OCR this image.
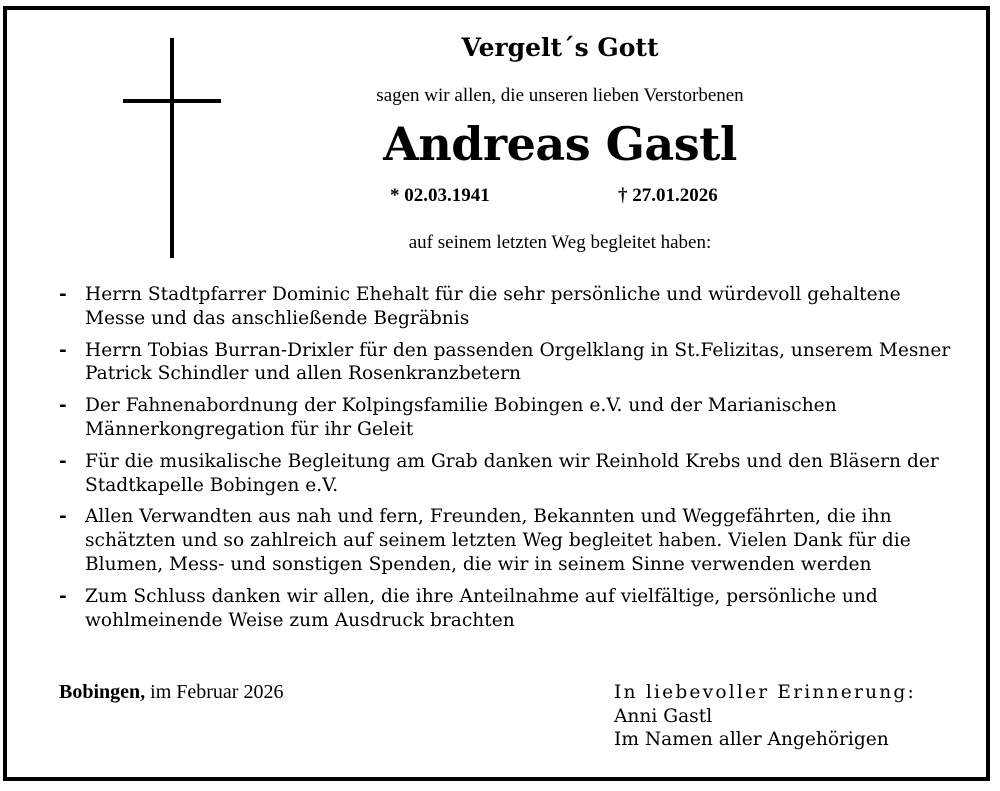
Vergelt´s Gott
sagen wir allen, die unseren lieben Verstorbenen
Andreas Gastl
* 02.03.1941	† 27.01.2026
auf seinem letzten Weg begleitet haben:
- Herrn Stadtpfarrer Dominic Ehehalt für die sehr persönliche und würdevoll gehaltene Messe und das anschließende Begräbnis
- Herrn Tobias Burran-Drixler für den passenden Orgelklang in St.Felizitas, unserem Mesner Patrick Schindler und allen Rosenkranzbetern
- Der Fahnenabordnung der Kolpingsfamilie Bobingen e.V. und der Marianischen Männerkongregation für ihr Geleit
- Für die musikalische Begleitung am Grab danken wir Reinhold Krebs und den Bläsern der Stadtkapelle Bobingen e.V.
- Allen Verwandten aus nah und fern, Freunden, Bekannten und Weggefährten, die ihn schätzten und so zahlreich auf seinem letzten Weg begleitet haben. Vielen Dank für die Blumen, Mess- und sonstigen Spenden, die wir in seinem Sinne verwenden werden
- Zum Schluss danken wir allen, die ihre Anteilnahme auf vielfältige, persönliche und wohlmeinende Weise zum Ausdruck brachten
Bobingen, im Februar 2026	In liebevoller Erinnerung:
Anni Gastl
Im Namen aller Angehörigen
